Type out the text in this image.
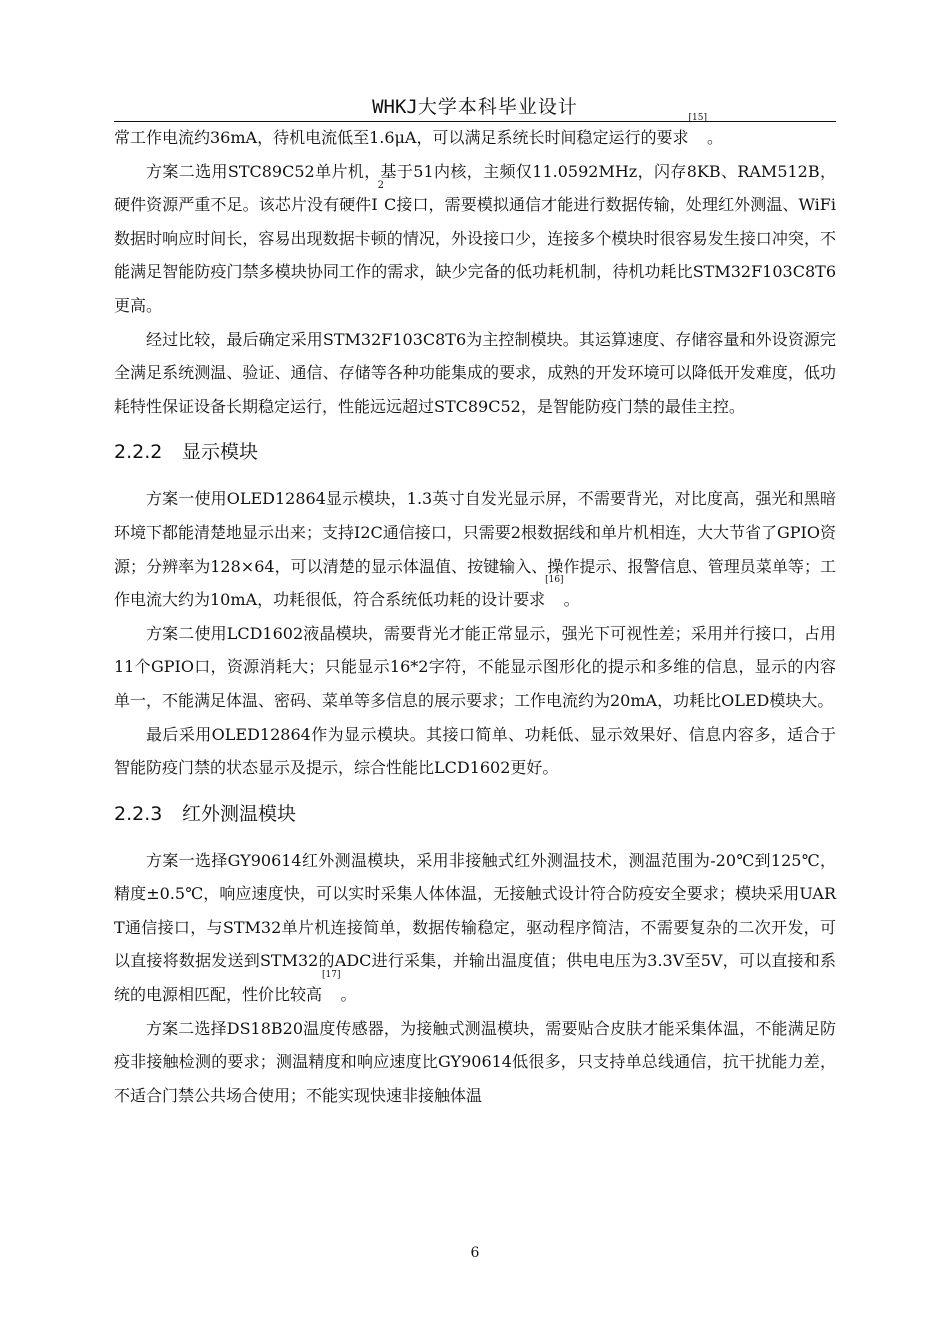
WHKJ大学本科毕业设计

常工作电流约36mA，待机电流低至1.6μA，可以满足系统长时间稳定运行的要求[15]。

方案二选用STC89C52单片机，基于51内核，主频仅11.0592MHz，闪存8KB、RAM512B，硬件资源严重不足。该芯片没有硬件$I^2C$接口，需要模拟通信才能进行数据传输，处理红外测温、WiFi数据时响应时间长，容易出现数据卡顿的情况，外设接口少，连接多个模块时很容易发生接口冲突，不能满足智能防疫门禁多模块协同工作的需求，缺少完备的低功耗机制，待机功耗比STM32F103C8T6更高。

经过比较，最后确定采用STM32F103C8T6为主控制模块。其运算速度、存储容量和外设资源完全满足系统测温、验证、通信、存储等各种功能集成的要求，成熟的开发环境可以降低开发难度，低功耗特性保证设备长期稳定运行，性能远远超过STC89C52，是智能防疫门禁的最佳主控。

2.2.2 显示模块

方案一使用OLED12864显示模块，1.3英寸自发光显示屏，不需要背光，对比度高，强光和黑暗环境下都能清楚地显示出来；支持I2C通信接口，只需要2根数据线和单片机相连，大大节省了GPIO资源；分辨率为128×64，可以清楚的显示体温值、按键输入、操作提示、报警信息、管理员菜单等；工作电流大约为10mA，功耗很低，符合系统低功耗的设计要求[16]。

方案二使用LCD1602液晶模块，需要背光才能正常显示，强光下可视性差；采用并行接口，占用11个GPIO口，资源消耗大；只能显示16*2字符，不能显示图形化的提示和多维的信息，显示的内容单一，不能满足体温、密码、菜单等多信息的展示要求；工作电流约为20mA，功耗比OLED模块大。

最后采用OLED12864作为显示模块。其接口简单、功耗低、显示效果好、信息内容多，适合于智能防疫门禁的状态显示及提示，综合性能比LCD1602更好。

2.2.3 红外测温模块

方案一选择GY90614红外测温模块，采用非接触式红外测温技术，测温范围为-20℃到125℃，精度±0.5℃，响应速度快，可以实时采集人体体温，无接触式设计符合防疫安全要求；模块采用UART通信接口，与STM32单片机连接简单，数据传输稳定，驱动程序简洁，不需要复杂的二次开发，可以直接将数据发送到STM32的ADC进行采集，并输出温度值；供电电压为3.3V至5V，可以直接和系统的电源相匹配，性价比较高[17]。

方案二选择DS18B20温度传感器，为接触式测温模块，需要贴合皮肤才能采集体温，不能满足防疫非接触检测的要求；测温精度和响应速度比GY90614低很多，只支持单总线通信，抗干扰能力差，不适合门禁公共场合使用；不能实现快速非接触体温

6
